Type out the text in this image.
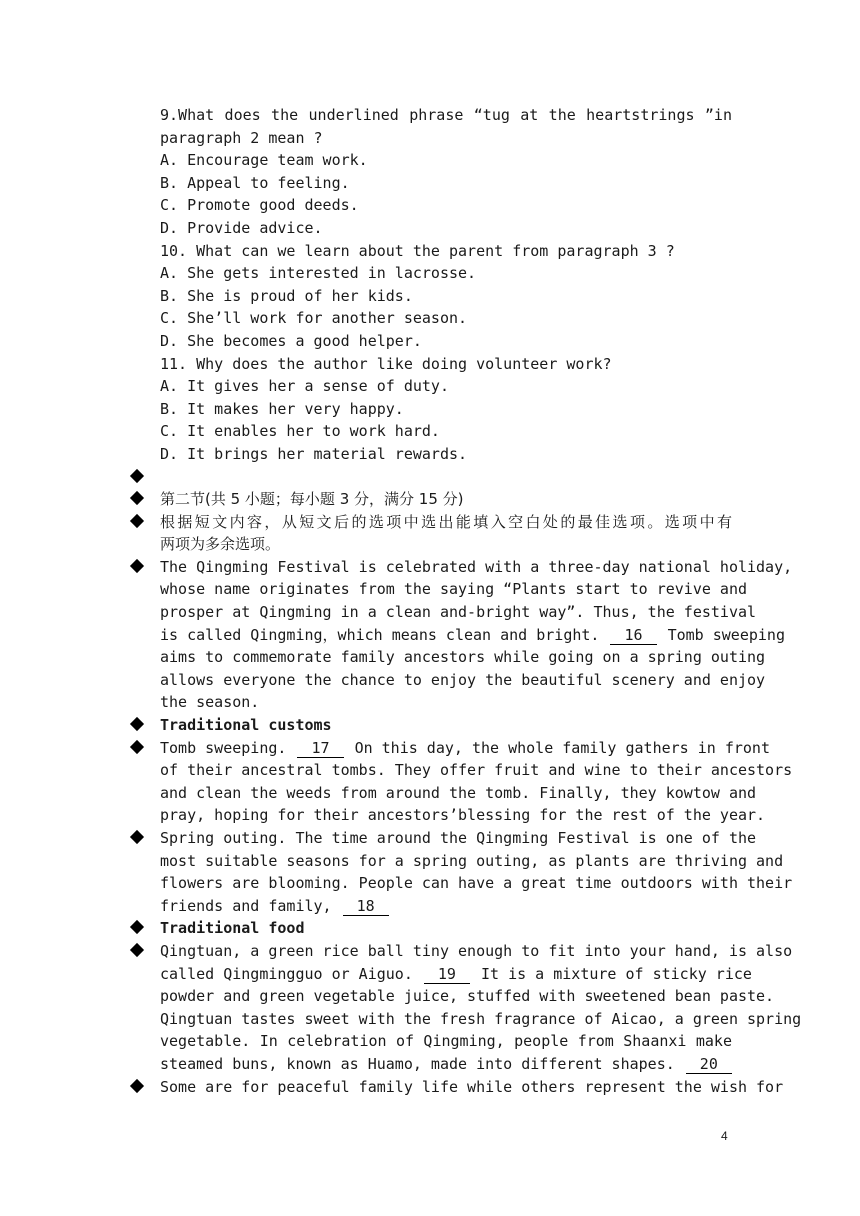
9.What does the underlined phrase “tug at the heartstrings ”in
paragraph 2 mean ?
A. Encourage team work.
B. Appeal to feeling.
C. Promote good deeds.
D. Provide advice.
10. What can we learn about the parent from paragraph 3 ?
A. She gets interested in lacrosse.
B. She is proud of her kids.
C. She’ll work for another season.
D. She becomes a good helper.
11. Why does the author like doing volunteer work?
A. It gives her a sense of duty.
B. It makes her very happy.
C. It enables her to work hard.
D. It brings her material rewards.

第二节(共 5 小题；每小题 3 分，满分 15 分)
根据短文内容，从短文后的选项中选出能填入空白处的最佳选项。选项中有
两项为多余选项。
The Qingming Festival is celebrated with a three-day national holiday,
whose name originates from the saying “Plants start to revive and
prosper at Qingming in a clean and-bright way”. Thus, the festival
is called Qingming，which means clean and bright. 16 Tomb sweeping
aims to commemorate family ancestors while going on a spring outing
allows everyone the chance to enjoy the beautiful scenery and enjoy
the season.
Traditional customs
Tomb sweeping. 17 On this day, the whole family gathers in front
of their ancestral tombs. They offer fruit and wine to their ancestors
and clean the weeds from around the tomb. Finally, they kowtow and
pray, hoping for their ancestors’blessing for the rest of the year.
Spring outing. The time around the Qingming Festival is one of the
most suitable seasons for a spring outing, as plants are thriving and
flowers are blooming. People can have a great time outdoors with their
friends and family, 18
Traditional food
Qingtuan, a green rice ball tiny enough to fit into your hand, is also
called Qingmingguo or Aiguo. 19 It is a mixture of sticky rice
powder and green vegetable juice, stuffed with sweetened bean paste.
Qingtuan tastes sweet with the fresh fragrance of Aicao, a green spring
vegetable. In celebration of Qingming, people from Shaanxi make
steamed buns, known as Huamo, made into different shapes. 20
Some are for peaceful family life while others represent the wish for
4
